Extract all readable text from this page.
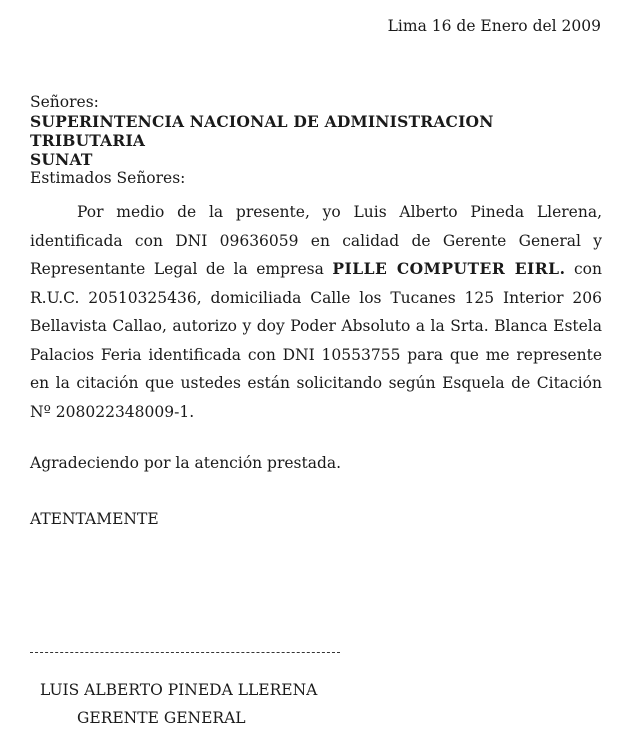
Lima 16 de Enero del 2009
Señores:
SUPERINTENCIA NACIONAL DE ADMINISTRACION TRIBUTARIA
SUNAT
Estimados Señores:
Por medio de la presente, yo Luis Alberto Pineda Llerena, identificada con DNI 09636059 en calidad de Gerente General y Representante Legal de la empresa PILLE COMPUTER EIRL. con R.U.C. 20510325436, domiciliada Calle los Tucanes 125 Interior 206 Bellavista Callao, autorizo y doy Poder Absoluto a la Srta. Blanca Estela Palacios Feria identificada con DNI 10553755 para que me represente en la citación que ustedes están solicitando según Esquela de Citación Nº 208022348009-1.
Agradeciendo por la atención prestada.
ATENTAMENTE
LUIS ALBERTO PINEDA LLERENA
GERENTE GENERAL
